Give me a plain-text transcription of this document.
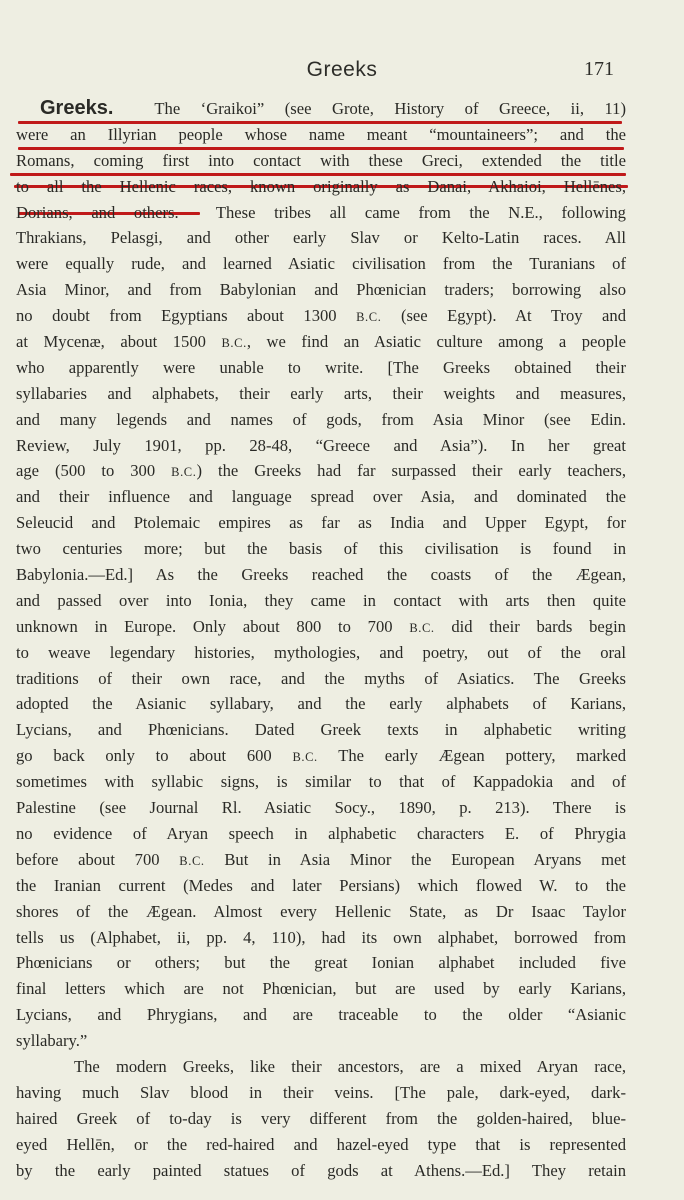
Greeks	171
Greeks. The ‘Graikoi” (see Grote, History of Greece, ii, 11)
were an Illyrian people whose name meant “mountaineers”; and the
Romans, coming first into contact with these Greci, extended the title
to all the Hellenic races, known originally as Danai, Akhaioi, Hellēnes,
Dorians, and others. These tribes all came from the N.E., following
Thrakians, Pelasgi, and other early Slav or Kelto-Latin races. All
were equally rude, and learned Asiatic civilisation from the Turanians of
Asia Minor, and from Babylonian and Phœnician traders; borrowing also
no doubt from Egyptians about 1300 B.C. (see Egypt). At Troy and
at Mycenæ, about 1500 B.C., we find an Asiatic culture among a people
who apparently were unable to write. [The Greeks obtained their
syllabaries and alphabets, their early arts, their weights and measures,
and many legends and names of gods, from Asia Minor (see Edin.
Review, July 1901, pp. 28-48, “Greece and Asia”). In her great
age (500 to 300 B.C.) the Greeks had far surpassed their early teachers,
and their influence and language spread over Asia, and dominated the
Seleucid and Ptolemaic empires as far as India and Upper Egypt, for
two centuries more; but the basis of this civilisation is found in
Babylonia.—Ed.] As the Greeks reached the coasts of the Ægean,
and passed over into Ionia, they came in contact with arts then quite
unknown in Europe. Only about 800 to 700 B.C. did their bards begin
to weave legendary histories, mythologies, and poetry, out of the oral
traditions of their own race, and the myths of Asiatics. The Greeks
adopted the Asianic syllabary, and the early alphabets of Karians,
Lycians, and Phœnicians. Dated Greek texts in alphabetic writing
go back only to about 600 B.C. The early Ægean pottery, marked
sometimes with syllabic signs, is similar to that of Kappadokia and of
Palestine (see Journal Rl. Asiatic Socy., 1890, p. 213). There is
no evidence of Aryan speech in alphabetic characters E. of Phrygia
before about 700 B.C. But in Asia Minor the European Aryans met
the Iranian current (Medes and later Persians) which flowed W. to the
shores of the Ægean. Almost every Hellenic State, as Dr Isaac Taylor
tells us (Alphabet, ii, pp. 4, 110), had its own alphabet, borrowed from
Phœnicians or others; but the great Ionian alphabet included five
final letters which are not Phœnician, but are used by early Karians,
Lycians, and Phrygians, and are traceable to the older “Asianic
syllabary.”
The modern Greeks, like their ancestors, are a mixed Aryan race,
having much Slav blood in their veins. [The pale, dark-eyed, dark-
haired Greek of to-day is very different from the golden-haired, blue-
eyed Hellēn, or the red-haired and hazel-eyed type that is represented
by the early painted statues of gods at Athens.—Ed.] They retain
